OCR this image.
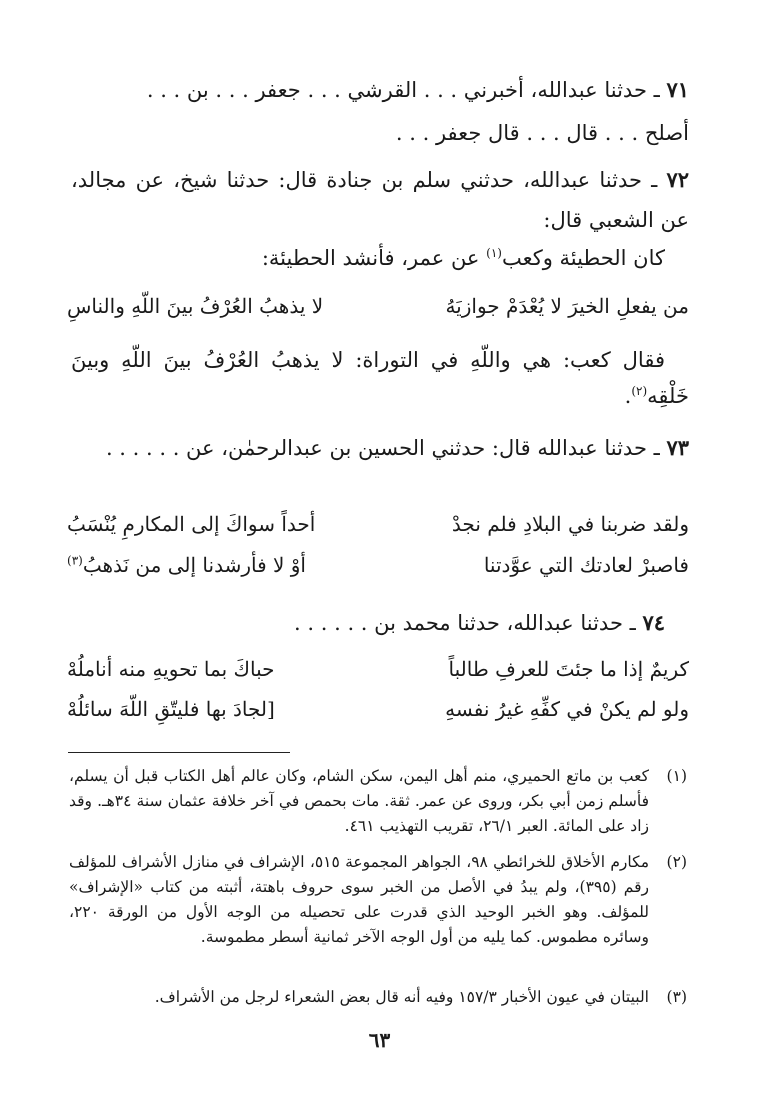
٧١ ـ حدثنا عبدالله، أخبرني . . . القرشي . . . جعفر . . . بن . . .
أصلح . . . قال . . . قال جعفر . . .
٧٢ ـ حدثنا عبدالله، حدثني سلم بن جنادة قال: حدثنا شيخ، عن مجالد، عن الشعبي قال:
كان الحطيئة وكعب$^{(١)}$ عن عمر، فأنشد الحطيئة:
من يفعلِ الخيرَ لا يُعْدَمْ جوازيَهُ
لا يذهبُ العُرْفُ بينَ اللّهِ والناسِ
فقال كعب: هي واللّهِ في التوراة: لا يذهبُ العُرْفُ بينَ اللّهِ وبينَ خَلْقِه$^{(٢)}$.
٧٣ ـ حدثنا عبدالله قال: حدثني الحسين بن عبدالرحمٰن، عن . . . . . .
ولقد ضربنا في البلادِ فلم نجدْ
أحداً سواكَ إلى المكارمِ يُنْسَبُ
فاصبرْ لعادتك التي عوَّدتنا
أوْ لا فأرشدنا إلى من نَذهبُ$^{(٣)}$
٧٤ ـ حدثنا عبدالله، حدثنا محمد بن . . . . . .
كريمٌ إذا ما جئتَ للعرفِ طالباً
حباكَ بما تحويهِ منه أناملُهْ
ولو لم يكنْ في كفِّهِ غيرُ نفسهِ
[لجادَ بها فليتّقِ اللّهَ سائلُهْ
(١)
كعب بن ماتع الحميري، منم أهل اليمن، سكن الشام، وكان عالم أهل الكتاب قبل أن يسلم، فأسلم زمن أبي بكر، وروى عن عمر. ثقة. مات بحمص في آخر خلافة عثمان سنة ٣٤هـ. وقد زاد على المائة. العبر ٢٦/١، تقريب التهذيب ٤٦١.
(٢)
مكارم الأخلاق للخرائطي ٩٨، الجواهر المجموعة ٥١٥، الإشراف في منازل الأشراف للمؤلف رقم (٣٩٥)، ولم يبدُ في الأصل من الخبر سوى حروف باهتة، أثبته من كتاب «الإشراف» للمؤلف. وهو الخبر الوحيد الذي قدرت على تحصيله من الوجه الأول من الورقة ٢٢٠، وسائره مطموس. كما يليه من أول الوجه الآخر ثمانية أسطر مطموسة.
(٣)
البيتان في عيون الأخبار ١٥٧/٣ وفيه أنه قال بعض الشعراء لرجل من الأشراف.
٦٣
